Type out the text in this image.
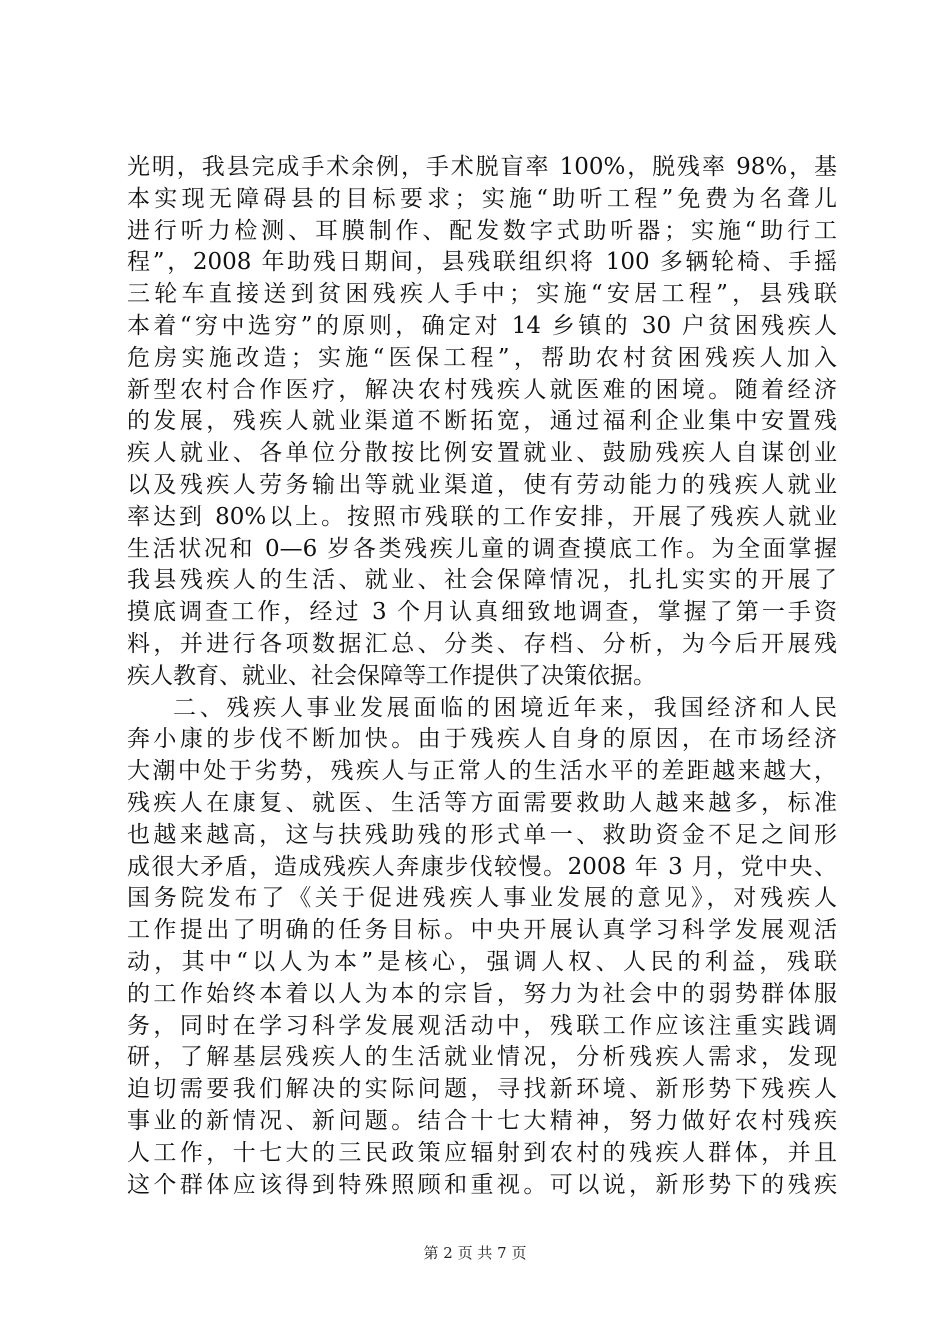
光明，我县完成手术余例，手术脱盲率 100%，脱残率 98%，基
本实现无障碍县的目标要求；实施“助听工程”免费为名聋儿
进行听力检测、耳膜制作、配发数字式助听器；实施“助行工
程”，2008 年助残日期间，县残联组织将 100 多辆轮椅、手摇
三轮车直接送到贫困残疾人手中；实施“安居工程”，县残联
本着“穷中选穷”的原则，确定对 14 乡镇的 30 户贫困残疾人
危房实施改造；实施“医保工程”，帮助农村贫困残疾人加入
新型农村合作医疗，解决农村残疾人就医难的困境。随着经济
的发展，残疾人就业渠道不断拓宽，通过福利企业集中安置残
疾人就业、各单位分散按比例安置就业、鼓励残疾人自谋创业
以及残疾人劳务输出等就业渠道，使有劳动能力的残疾人就业
率达到 80%以上。按照市残联的工作安排，开展了残疾人就业
生活状况和 0—6 岁各类残疾儿童的调查摸底工作。为全面掌握
我县残疾人的生活、就业、社会保障情况，扎扎实实的开展了
摸底调查工作，经过 3 个月认真细致地调查，掌握了第一手资
料，并进行各项数据汇总、分类、存档、分析，为今后开展残
疾人教育、就业、社会保障等工作提供了决策依据。
二、残疾人事业发展面临的困境近年来，我国经济和人民
奔小康的步伐不断加快。由于残疾人自身的原因，在市场经济
大潮中处于劣势，残疾人与正常人的生活水平的差距越来越大，
残疾人在康复、就医、生活等方面需要救助人越来越多，标准
也越来越高，这与扶残助残的形式单一、救助资金不足之间形
成很大矛盾，造成残疾人奔康步伐较慢。2008 年 3 月，党中央、
国务院发布了《关于促进残疾人事业发展的意见》，对残疾人
工作提出了明确的任务目标。中央开展认真学习科学发展观活
动，其中“以人为本”是核心，强调人权、人民的利益，残联
的工作始终本着以人为本的宗旨，努力为社会中的弱势群体服
务，同时在学习科学发展观活动中，残联工作应该注重实践调
研，了解基层残疾人的生活就业情况，分析残疾人需求，发现
迫切需要我们解决的实际问题，寻找新环境、新形势下残疾人
事业的新情况、新问题。结合十七大精神，努力做好农村残疾
人工作，十七大的三民政策应辐射到农村的残疾人群体，并且
这个群体应该得到特殊照顾和重视。可以说，新形势下的残疾
第 2 页 共 7 页
